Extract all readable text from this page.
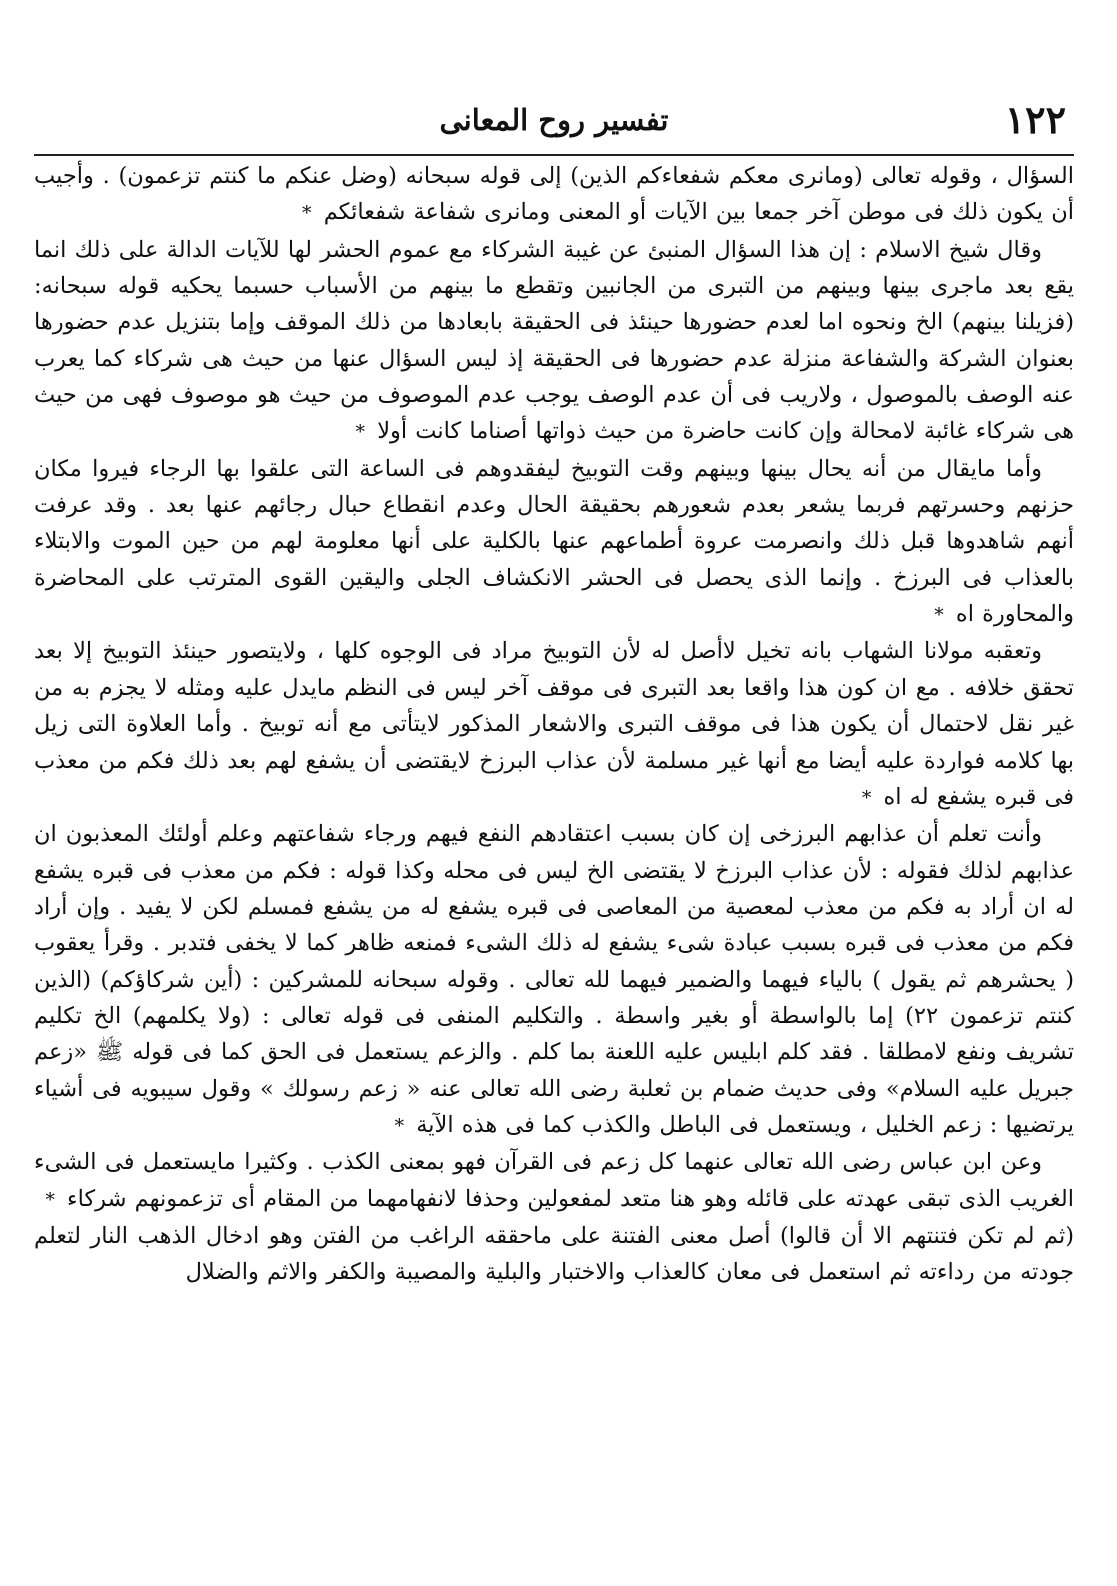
١٢٢
تفسير روح المعانى

السؤال ، وقوله تعالى (ومانرى معكم شفعاءكم الذين) إلى قوله سبحانه (وضل عنكم ما كنتم تزعمون) . وأجيب أن يكون ذلك فى موطن آخر جمعا بين الآيات أو المعنى ومانرى شفاعة شفعائكم *

وقال شيخ الاسلام : إن هذا السؤال المنبئ عن غيبة الشركاء مع عموم الحشر لها للآيات الدالة على ذلك انما يقع بعد ماجرى بينها وبينهم من التبرى من الجانبين وتقطع ما بينهم من الأسباب حسبما يحكيه قوله سبحانه: (فزيلنا بينهم) الخ ونحوه اما لعدم حضورها حينئذ فى الحقيقة بابعادها من ذلك الموقف وإما بتنزيل عدم حضورها بعنوان الشركة والشفاعة منزلة عدم حضورها فى الحقيقة إذ ليس السؤال عنها من حيث هى شركاء كما يعرب عنه الوصف بالموصول ، ولاريب فى أن عدم الوصف يوجب عدم الموصوف من حيث هو موصوف فهى من حيث هى شركاء غائبة لامحالة وإن كانت حاضرة من حيث ذواتها أصناما كانت أولا *

وأما مايقال من أنه يحال بينها وبينهم وقت التوبيخ ليفقدوهم فى الساعة التى علقوا بها الرجاء فيروا مكان حزنهم وحسرتهم فربما يشعر بعدم شعورهم بحقيقة الحال وعدم انقطاع حبال رجائهم عنها بعد . وقد عرفت أنهم شاهدوها قبل ذلك وانصرمت عروة أطماعهم عنها بالكلية على أنها معلومة لهم من حين الموت والابتلاء بالعذاب فى البرزخ . وإنما الذى يحصل فى الحشر الانكشاف الجلى واليقين القوى المترتب على المحاضرة والمحاورة اه *

وتعقبه مولانا الشهاب بانه تخيل لاأصل له لأن التوبيخ مراد فى الوجوه كلها ، ولايتصور حينئذ التوبيخ إلا بعد تحقق خلافه . مع ان كون هذا واقعا بعد التبرى فى موقف آخر ليس فى النظم مايدل عليه ومثله لا يجزم به من غير نقل لاحتمال أن يكون هذا فى موقف التبرى والاشعار المذكور لايتأتى مع أنه توبيخ . وأما العلاوة التى زيل بها كلامه فواردة عليه أيضا مع أنها غير مسلمة لأن عذاب البرزخ لايقتضى أن يشفع لهم بعد ذلك فكم من معذب فى قبره يشفع له اه *

وأنت تعلم أن عذابهم البرزخى إن كان بسبب اعتقادهم النفع فيهم ورجاء شفاعتهم وعلم أولئك المعذبون ان عذابهم لذلك فقوله : لأن عذاب البرزخ لا يقتضى الخ ليس فى محله وكذا قوله : فكم من معذب فى قبره يشفع له ان أراد به فكم من معذب لمعصية من المعاصى فى قبره يشفع له من يشفع فمسلم لكن لا يفيد . وإن أراد فكم من معذب فى قبره بسبب عبادة شىء يشفع له ذلك الشىء فمنعه ظاهر كما لا يخفى فتدبر . وقرأ يعقوب ( يحشرهم ثم يقول ) بالياء فيهما والضمير فيهما لله تعالى . وقوله سبحانه للمشركين : (أين شركاؤكم) (الذين كنتم تزعمون ٢٢) إما بالواسطة أو بغير واسطة . والتكليم المنفى فى قوله تعالى : (ولا يكلمهم) الخ تكليم تشريف ونفع لامطلقا . فقد كلم ابليس عليه اللعنة بما كلم . والزعم يستعمل فى الحق كما فى قوله ﷺ «زعم جبريل عليه السلام» وفى حديث ضمام بن ثعلبة رضى الله تعالى عنه « زعم رسولك » وقول سيبويه فى أشياء يرتضيها : زعم الخليل ، ويستعمل فى الباطل والكذب كما فى هذه الآية *

وعن ابن عباس رضى الله تعالى عنهما كل زعم فى القرآن فهو بمعنى الكذب . وكثيرا مايستعمل فى الشىء الغريب الذى تبقى عهدته على قائله وهو هنا متعد لمفعولين وحذفا لانفهامهما من المقام أى تزعمونهم شركاء *

(ثم لم تكن فتنتهم الا أن قالوا) أصل معنى الفتنة على ماحققه الراغب من الفتن وهو ادخال الذهب النار لتعلم جودته من رداءته ثم استعمل فى معان كالعذاب والاختبار والبلية والمصيبة والكفر والاثم والضلال
